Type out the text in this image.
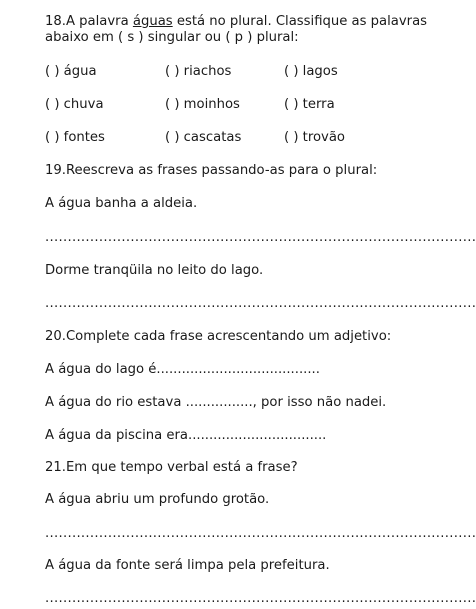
18.A palavra águas está no plural. Classifique as palavras
abaixo em ( s ) singular ou ( p ) plural:
( ) água	( ) riachos	( ) lagos
( ) chuva	( ) moinhos	( ) terra
( ) fontes	( ) cascatas	( ) trovão
19.Reescreva as frases passando-as para o plural:
A água banha a aldeia.
................................................................................................
Dorme tranqüila no leito do lago.
................................................................................................
20.Complete cada frase acrescentando um adjetivo:
A água do lago é.......................................
A água do rio estava ................, por isso não nadei.
A água da piscina era.................................
21.Em que tempo verbal está a frase?
A água abriu um profundo grotão.
................................................................................................
A água da fonte será limpa pela prefeitura.
................................................................................................
